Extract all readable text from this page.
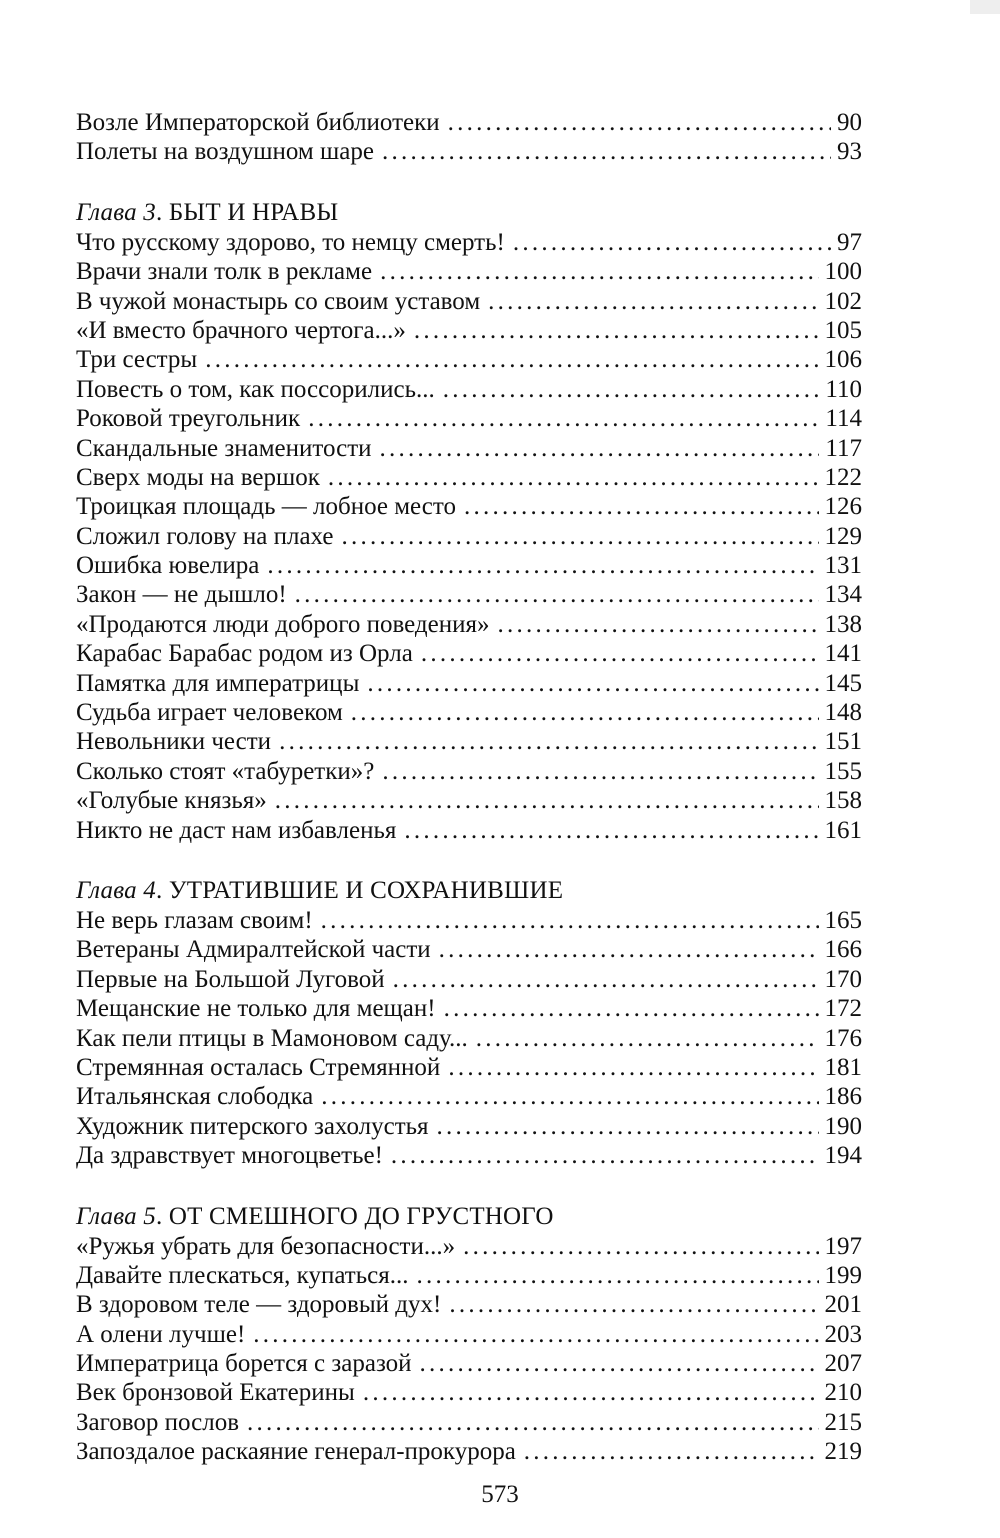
Возле Императорской библиотеки . . .	90
Полеты на воздушном шаре . . .	93
Глава 3. БЫТ И НРАВЫ
Что русскому здорово, то немцу смерть! . . .	97
Врачи знали толк в рекламе . . .	100
В чужой монастырь со своим уставом . . .	102
«И вместо брачного чертога...» . . .	105
Три сестры . . .	106
Повесть о том, как поссорились... . . .	110
Роковой треугольник . . .	114
Скандальные знаменитости . . .	117
Сверх моды на вершок . . .	122
Троицкая площадь — лобное место . . .	126
Сложил голову на плахе . . .	129
Ошибка ювелира . . .	131
Закон — не дышло! . . .	134
«Продаются люди доброго поведения» . . .	138
Карабас Барабас родом из Орла . . .	141
Памятка для императрицы . . .	145
Судьба играет человеком . . .	148
Невольники чести . . .	151
Сколько стоят «табуретки»? . . .	155
«Голубые князья» . . .	158
Никто не даст нам избавленья . . .	161
Глава 4. УТРАТИВШИЕ И СОХРАНИВШИЕ
Не верь глазам своим! . . .	165
Ветераны Адмиралтейской части . . .	166
Первые на Большой Луговой . . .	170
Мещанские не только для мещан! . . .	172
Как пели птицы в Мамоновом саду... . . .	176
Стремянная осталась Стремянной . . .	181
Итальянская слободка . . .	186
Художник питерского захолустья . . .	190
Да здравствует многоцветье! . . .	194
Глава 5. ОТ СМЕШНОГО ДО ГРУСТНОГО
«Ружья убрать для безопасности...» . . .	197
Давайте плескаться, купаться... . . .	199
В здоровом теле — здоровый дух! . . .	201
А олени лучше! . . .	203
Императрица борется с заразой . . .	207
Век бронзовой Екатерины . . .	210
Заговор послов . . .	215
Запоздалое раскаяние генерал-прокурора . . .	219
573
